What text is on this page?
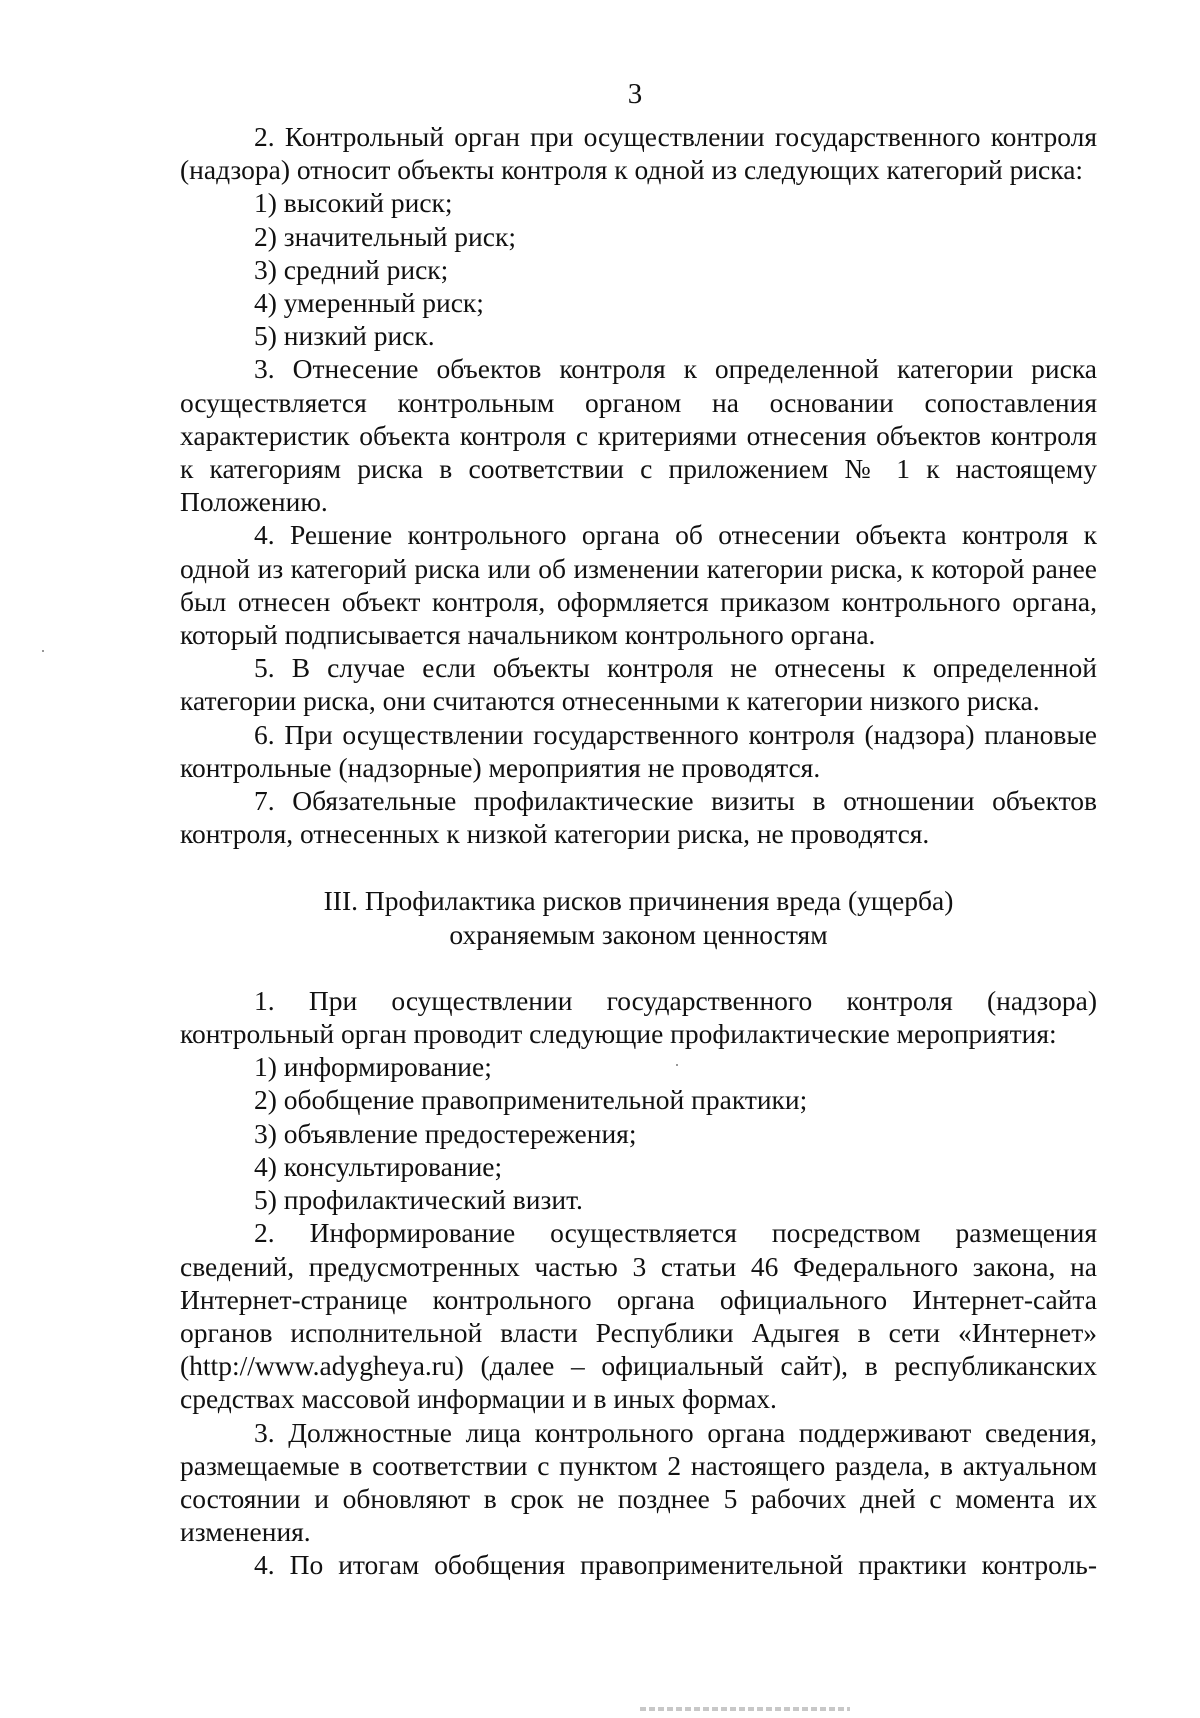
3

2. Контрольный орган при осуществлении государственного контроля (надзора) относит объекты контроля к одной из следующих категорий риска:

1) высокий риск;

2) значительный риск;

3) средний риск;

4) умеренный риск;

5) низкий риск.

3. Отнесение объектов контроля к определенной категории риска осуществляется контрольным органом на основании сопоставления характеристик объекта контроля с критериями отнесения объектов контроля к категориям риска в соответствии с приложением № 1 к настоящему Положению.

4. Решение контрольного органа об отнесении объекта контроля к одной из категорий риска или об изменении категории риска, к которой ранее был отнесен объект контроля, оформляется приказом контрольного органа, который подписывается начальником контрольного органа.

5. В случае если объекты контроля не отнесены к определенной категории риска, они считаются отнесенными к категории низкого риска.

6. При осуществлении государственного контроля (надзора) плановые контрольные (надзорные) мероприятия не проводятся.

7. Обязательные профилактические визиты в отношении объектов контроля, отнесенных к низкой категории риска, не проводятся.

III. Профилактика рисков причинения вреда (ущерба)
охраняемым законом ценностям

1. При осуществлении государственного контроля (надзора) контрольный орган проводит следующие профилактические мероприятия:

1) информирование;

2) обобщение правоприменительной практики;

3) объявление предостережения;

4) консультирование;

5) профилактический визит.

2. Информирование осуществляется посредством размещения сведений, предусмотренных частью 3 статьи 46 Федерального закона, на Интернет-странице контрольного органа официального Интернет-сайта органов исполнительной власти Республики Адыгея в сети «Интернет» (http://www.adygheya.ru) (далее – официальный сайт), в республиканских средствах массовой информации и в иных формах.

3. Должностные лица контрольного органа поддерживают сведения, размещаемые в соответствии с пунктом 2 настоящего раздела, в актуальном состоянии и обновляют в срок не позднее 5 рабочих дней с момента их изменения.

4. По итогам обобщения правоприменительной практики контроль-
